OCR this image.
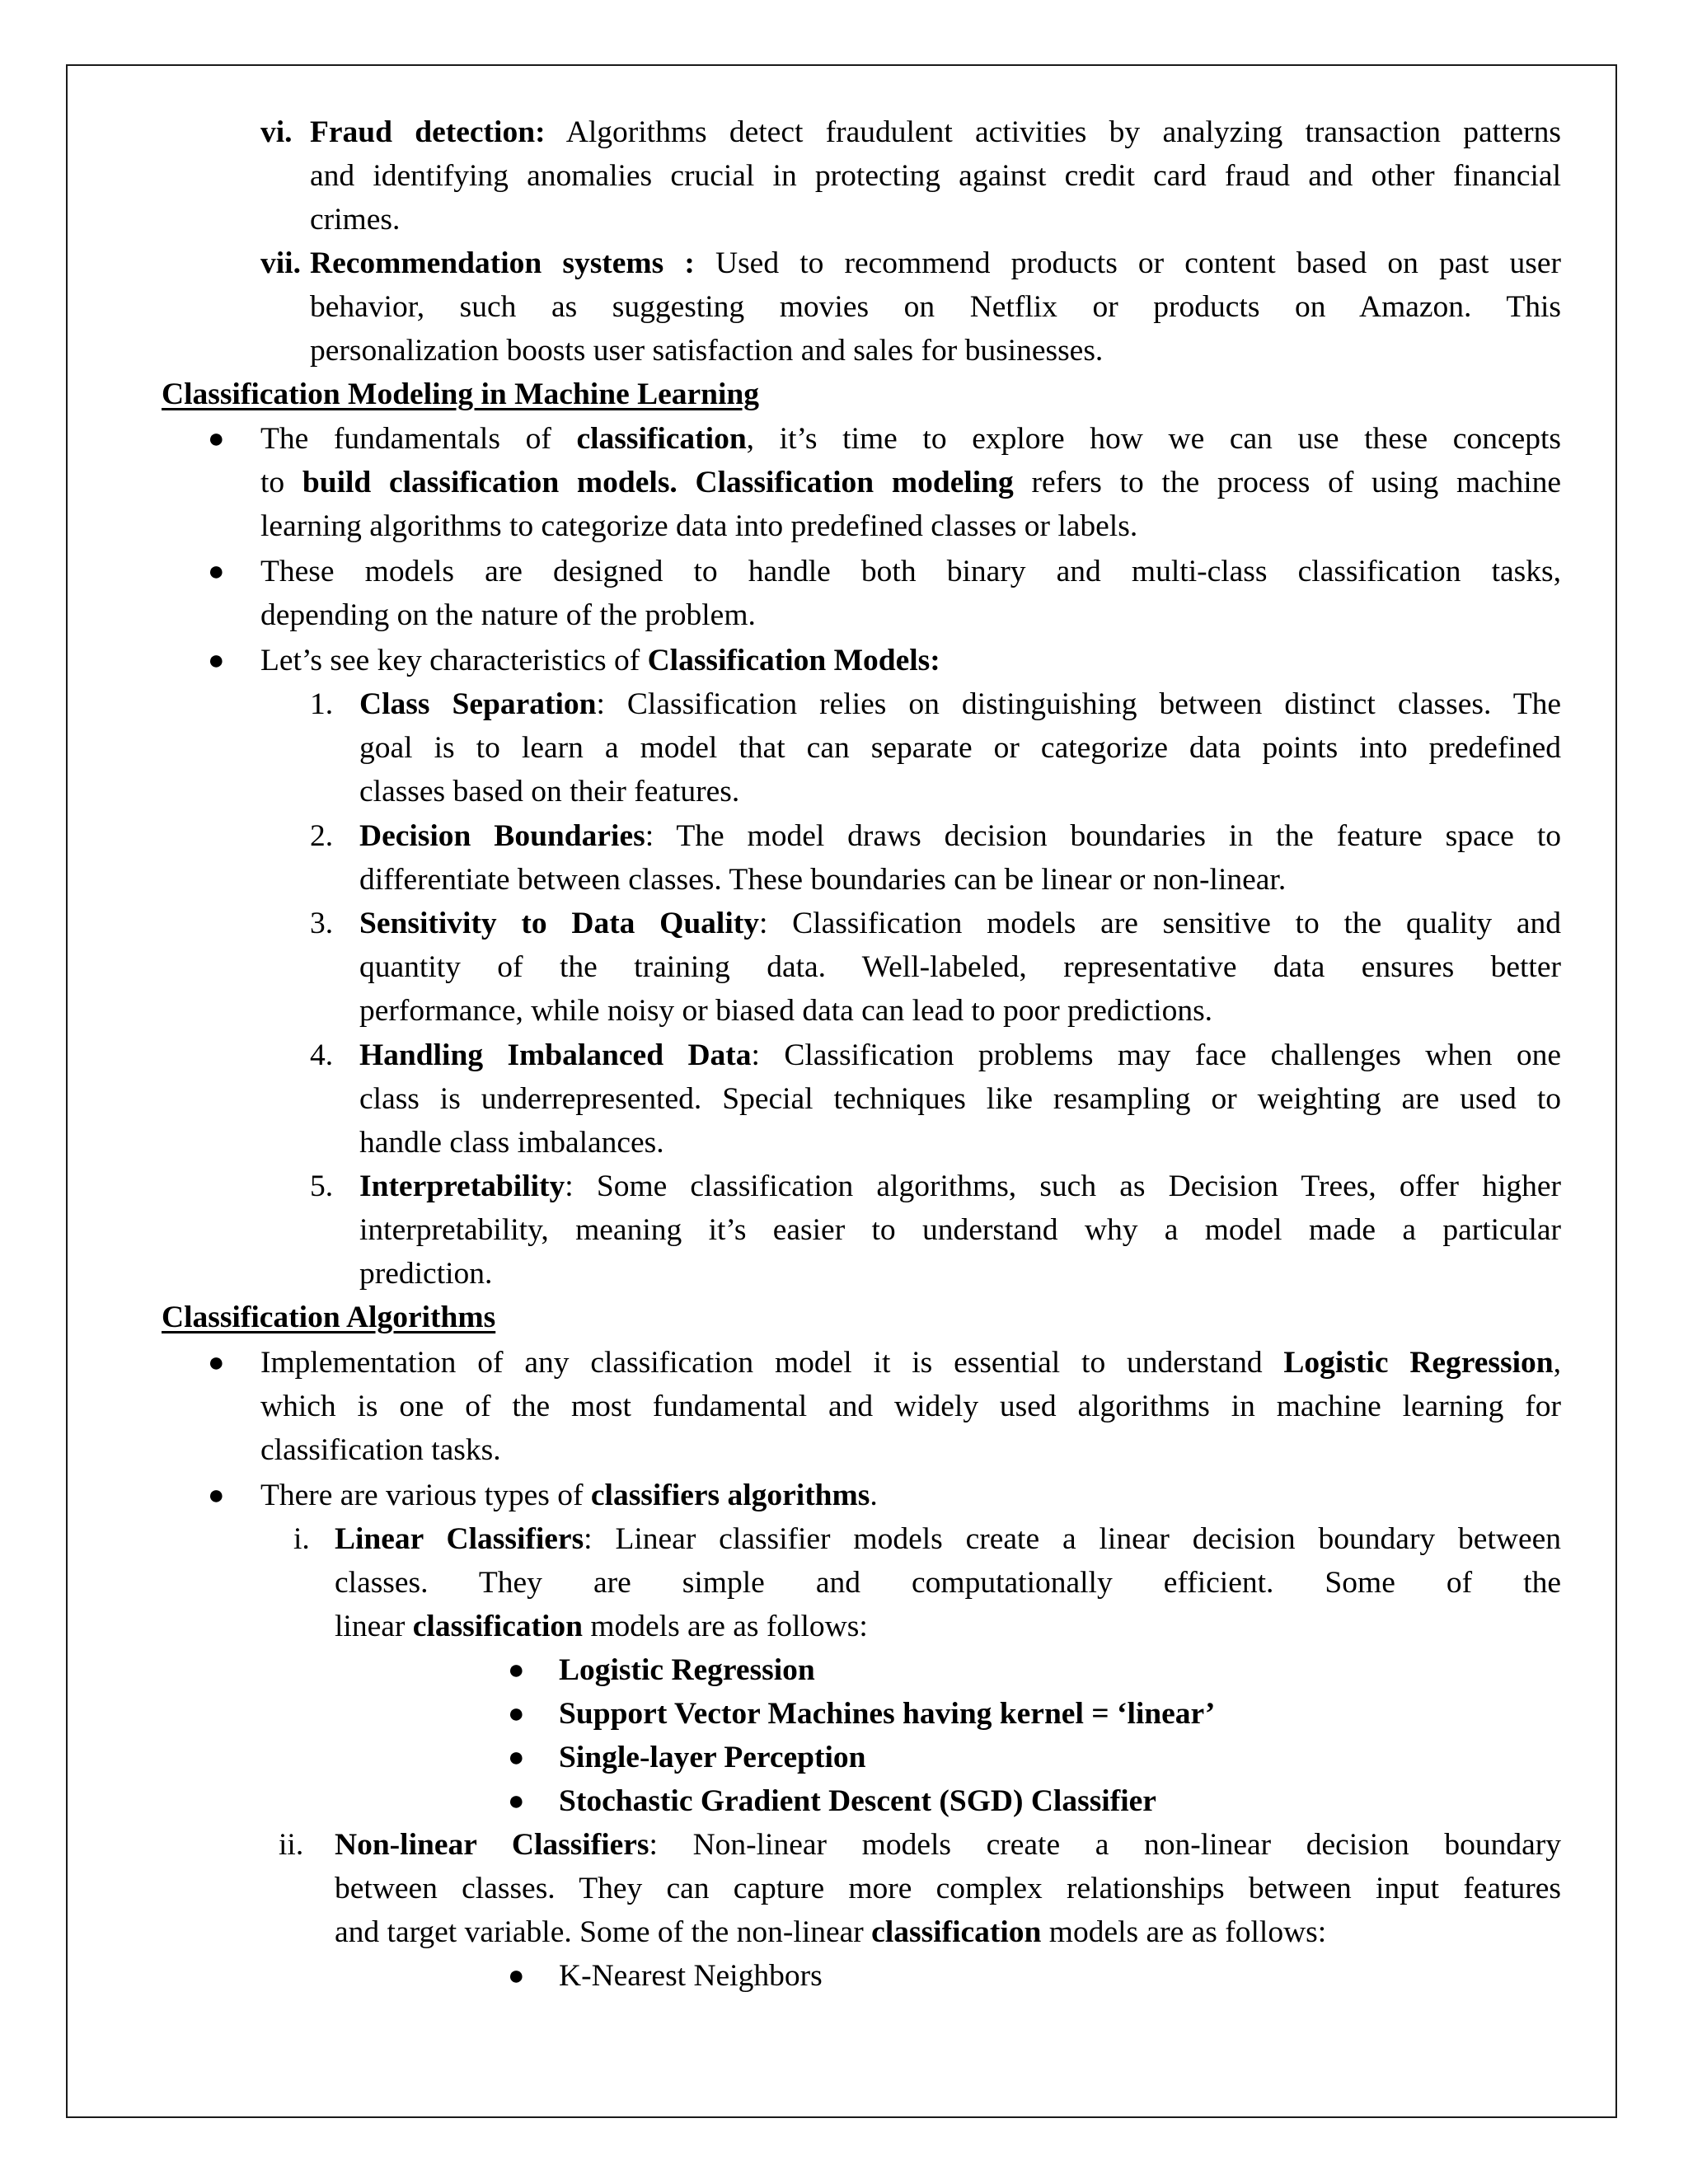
vi. Fraud detection: Algorithms detect fraudulent activities by analyzing transaction patterns
and identifying anomalies crucial in protecting against credit card fraud and other financial
crimes.
vii. Recommendation systems : Used to recommend products or content based on past user
behavior, such as suggesting movies on Netflix or products on Amazon. This
personalization boosts user satisfaction and sales for businesses.
Classification Modeling in Machine Learning
● The fundamentals of classification, it’s time to explore how we can use these concepts
to build classification models. Classification modeling refers to the process of using machine
learning algorithms to categorize data into predefined classes or labels.
● These models are designed to handle both binary and multi-class classification tasks,
depending on the nature of the problem.
● Let’s see key characteristics of Classification Models:
1. Class Separation: Classification relies on distinguishing between distinct classes. The
goal is to learn a model that can separate or categorize data points into predefined
classes based on their features.
2. Decision Boundaries: The model draws decision boundaries in the feature space to
differentiate between classes. These boundaries can be linear or non-linear.
3. Sensitivity to Data Quality: Classification models are sensitive to the quality and
quantity of the training data. Well-labeled, representative data ensures better
performance, while noisy or biased data can lead to poor predictions.
4. Handling Imbalanced Data: Classification problems may face challenges when one
class is underrepresented. Special techniques like resampling or weighting are used to
handle class imbalances.
5. Interpretability: Some classification algorithms, such as Decision Trees, offer higher
interpretability, meaning it’s easier to understand why a model made a particular
prediction.
Classification Algorithms
● Implementation of any classification model it is essential to understand Logistic Regression,
which is one of the most fundamental and widely used algorithms in machine learning for
classification tasks.
● There are various types of classifiers algorithms.
i. Linear Classifiers: Linear classifier models create a linear decision boundary between
classes. They are simple and computationally efficient. Some of the
linear classification models are as follows:
● Logistic Regression
● Support Vector Machines having kernel = ‘linear’
● Single-layer Perception
● Stochastic Gradient Descent (SGD) Classifier
ii. Non-linear Classifiers: Non-linear models create a non-linear decision boundary
between classes. They can capture more complex relationships between input features
and target variable. Some of the non-linear classification models are as follows:
● K-Nearest Neighbors
